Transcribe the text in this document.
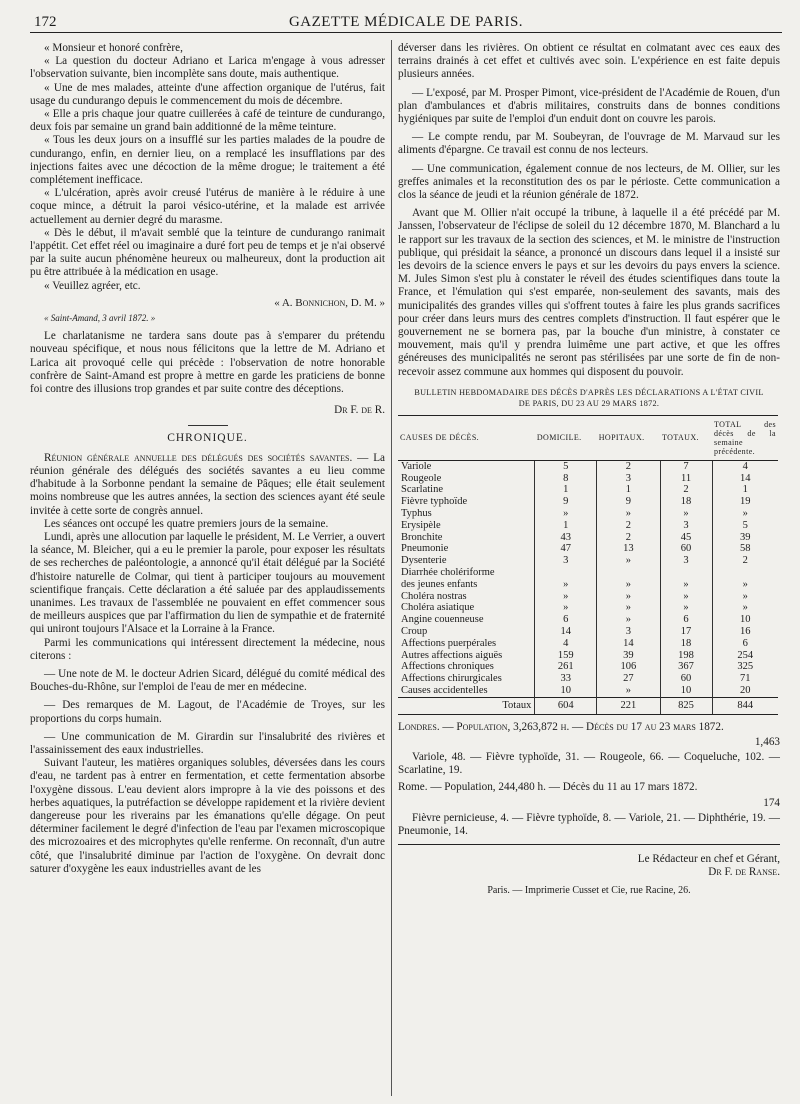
172	GAZETTE MÉDICALE DE PARIS.

« Monsieur et honoré confrère,

« La question du docteur Adriano et Larica m'engage à vous adresser l'observation suivante, bien incomplète sans doute, mais authentique.

« Une de mes malades, atteinte d'une affection organique de l'utérus, fait usage du cundurango depuis le commencement du mois de décembre.

« Elle a pris chaque jour quatre cuillerées à café de teinture de cundurango, deux fois par semaine un grand bain additionné de la même teinture.

« Tous les deux jours on a insufflé sur les parties malades de la poudre de cundurango, enfin, en dernier lieu, on a remplacé les insufflations par des injections faites avec une décoction de la même drogue; le traitement a été complétement inefficace.

« L'ulcération, après avoir creusé l'utérus de manière à le réduire à une coque mince, a détruit la paroi vésico-utérine, et la malade est arrivée actuellement au dernier degré du marasme.

« Dès le début, il m'avait semblé que la teinture de cundurango ranimait l'appétit. Cet effet réel ou imaginaire a duré fort peu de temps et je n'ai observé par la suite aucun phénomène heureux ou malheureux, dont la production ait pu être attribuée à la médication en usage.

« Veuillez agréer, etc.

« A. Bonnichon, D. M. »

« Saint-Amand, 3 avril 1872. »

Le charlatanisme ne tardera sans doute pas à s'emparer du prétendu nouveau spécifique, et nous nous félicitons que la lettre de M. Adriano et Larica ait provoqué celle qui précède : l'observation de notre honorable confrère de Saint-Amand est propre à mettre en garde les praticiens de bonne foi contre des illusions trop grandes et par suite contre des déceptions.

Dr F. de R.

CHRONIQUE.

Réunion générale annuelle des délégués des sociétés savantes. — La réunion générale des délégués des sociétés savantes a eu lieu comme d'habitude à la Sorbonne pendant la semaine de Pâques; elle était seulement moins nombreuse que les autres années, la section des sciences ayant été seule invitée à cette sorte de congrès annuel.

Les séances ont occupé les quatre premiers jours de la semaine.

Lundi, après une allocution par laquelle le président, M. Le Verrier, a ouvert la séance, M. Bleicher, qui a eu le premier la parole, pour exposer les résultats de ses recherches de paléontologie, a annoncé qu'il était délégué par la Société d'histoire naturelle de Colmar, qui tient à participer toujours au mouvement scientifique français. Cette déclaration a été saluée par des applaudissements unanimes. Les travaux de l'assemblée ne pouvaient en effet commencer sous de meilleurs auspices que par l'affirmation du lien de sympathie et de fraternité qui uniront toujours l'Alsace et la Lorraine à la France.

Parmi les communications qui intéressent directement la médecine, nous citerons :

— Une note de M. le docteur Adrien Sicard, délégué du comité médical des Bouches-du-Rhône, sur l'emploi de l'eau de mer en médecine.

— Des remarques de M. Lagout, de l'Académie de Troyes, sur les proportions du corps humain.

— Une communication de M. Girardin sur l'insalubrité des rivières et l'assainissement des eaux industrielles.

Suivant l'auteur, les matières organiques solubles, déversées dans les cours d'eau, ne tardent pas à entrer en fermentation, et cette fermentation absorbe l'oxygène dissous. L'eau devient alors impropre à la vie des poissons et des herbes aquatiques, la putréfaction se développe rapidement et la rivière devient dangereuse pour les riverains par les émanations qu'elle dégage. On peut déterminer facilement le degré d'infection de l'eau par l'examen microscopique des microzoaires et des microphytes qu'elle renferme. On reconnaît, d'un autre côté, que l'insalubrité diminue par l'action de l'oxygène. On devrait donc saturer d'oxygène les eaux industrielles avant de les

déverser dans les rivières. On obtient ce résultat en colmatant avec ces eaux des terrains drainés à cet effet et cultivés avec soin. L'expérience en est faite depuis plusieurs années.

— L'exposé, par M. Prosper Pimont, vice-président de l'Académie de Rouen, d'un plan d'ambulances et d'abris militaires, construits dans de bonnes conditions hygiéniques par suite de l'emploi d'un enduit dont on couvre les parois.

— Le compte rendu, par M. Soubeyran, de l'ouvrage de M. Marvaud sur les aliments d'épargne. Ce travail est connu de nos lecteurs.

— Une communication, également connue de nos lecteurs, de M. Ollier, sur les greffes animales et la reconstitution des os par le périoste. Cette communication a clos la séance de jeudi et la réunion générale de 1872.

Avant que M. Ollier n'ait occupé la tribune, à laquelle il a été précédé par M. Janssen, l'observateur de l'éclipse de soleil du 12 décembre 1870, M. Blanchard a lu le rapport sur les travaux de la section des sciences, et M. le ministre de l'instruction publique, qui présidait la séance, a prononcé un discours dans lequel il a insisté sur les devoirs de la science envers le pays et sur les devoirs du pays envers la science. M. Jules Simon s'est plu à constater le réveil des études scientifiques dans toute la France, et l'émulation qui s'est emparée, non-seulement des savants, mais des municipalités des grandes villes qui s'offrent toutes à faire les plus grands sacrifices pour créer dans leurs murs des centres complets d'instruction. Il faut espérer que le gouvernement ne se bornera pas, par la bouche d'un ministre, à constater ce mouvement, mais qu'il y prendra luimême une part active, et que les offres généreuses des municipalités ne seront pas stérilisées par une sorte de fin de non-recevoir assez commune aux hommes qui disposent du pouvoir.

BULLETIN HEBDOMADAIRE DES DÉCÈS D'APRÈS LES DÉCLARATIONS A L'ÉTAT CIVIL
DE PARIS, DU 23 AU 29 MARS 1872.
CAUSES DE DÉCÈS.	DOMICILE.	HOPITAUX.	TOTAUX.	TOTAL des décès de la semaine précédente.
Variole	5	2	7	4
Rougeole	8	3	11	14
Scarlatine	1	1	2	1
Fièvre typhoïde	9	9	18	19
Typhus	»	»	»	»
Erysipèle	1	2	3	5
Bronchite	43	2	45	39
Pneumonie	47	13	60	58
Dysenterie	3	»	3	2
Diarrhée cholériforme				
des jeunes enfants	»	»	»	»
Choléra nostras	»	»	»	»
Choléra asiatique	»	»	»	»
Angine couenneuse	6	»	6	10
Croup	14	3	17	16
Affections puerpérales	4	14	18	6
Autres affections aiguës	159	39	198	254
Affections chroniques	261	106	367	325
Affections chirurgicales	33	27	60	71
Causes accidentelles	10	»	10	20
Totaux	604	221	825	844

Londres. — Population, 3,263,872 h. — Décès du 17 au 23 mars 1872.

1,463

Variole, 48. — Fièvre typhoïde, 31. — Rougeole, 66. — Coqueluche, 102. — Scarlatine, 19.

Rome. — Population, 244,480 h. — Décès du 11 au 17 mars 1872.

174

Fièvre pernicieuse, 4. — Fièvre typhoïde, 8. — Variole, 21. — Diphthérie, 19. — Pneumonie, 14.

Le Rédacteur en chef et Gérant,
Dr F. de Ranse.
Paris. — Imprimerie Cusset et Cie, rue Racine, 26.
